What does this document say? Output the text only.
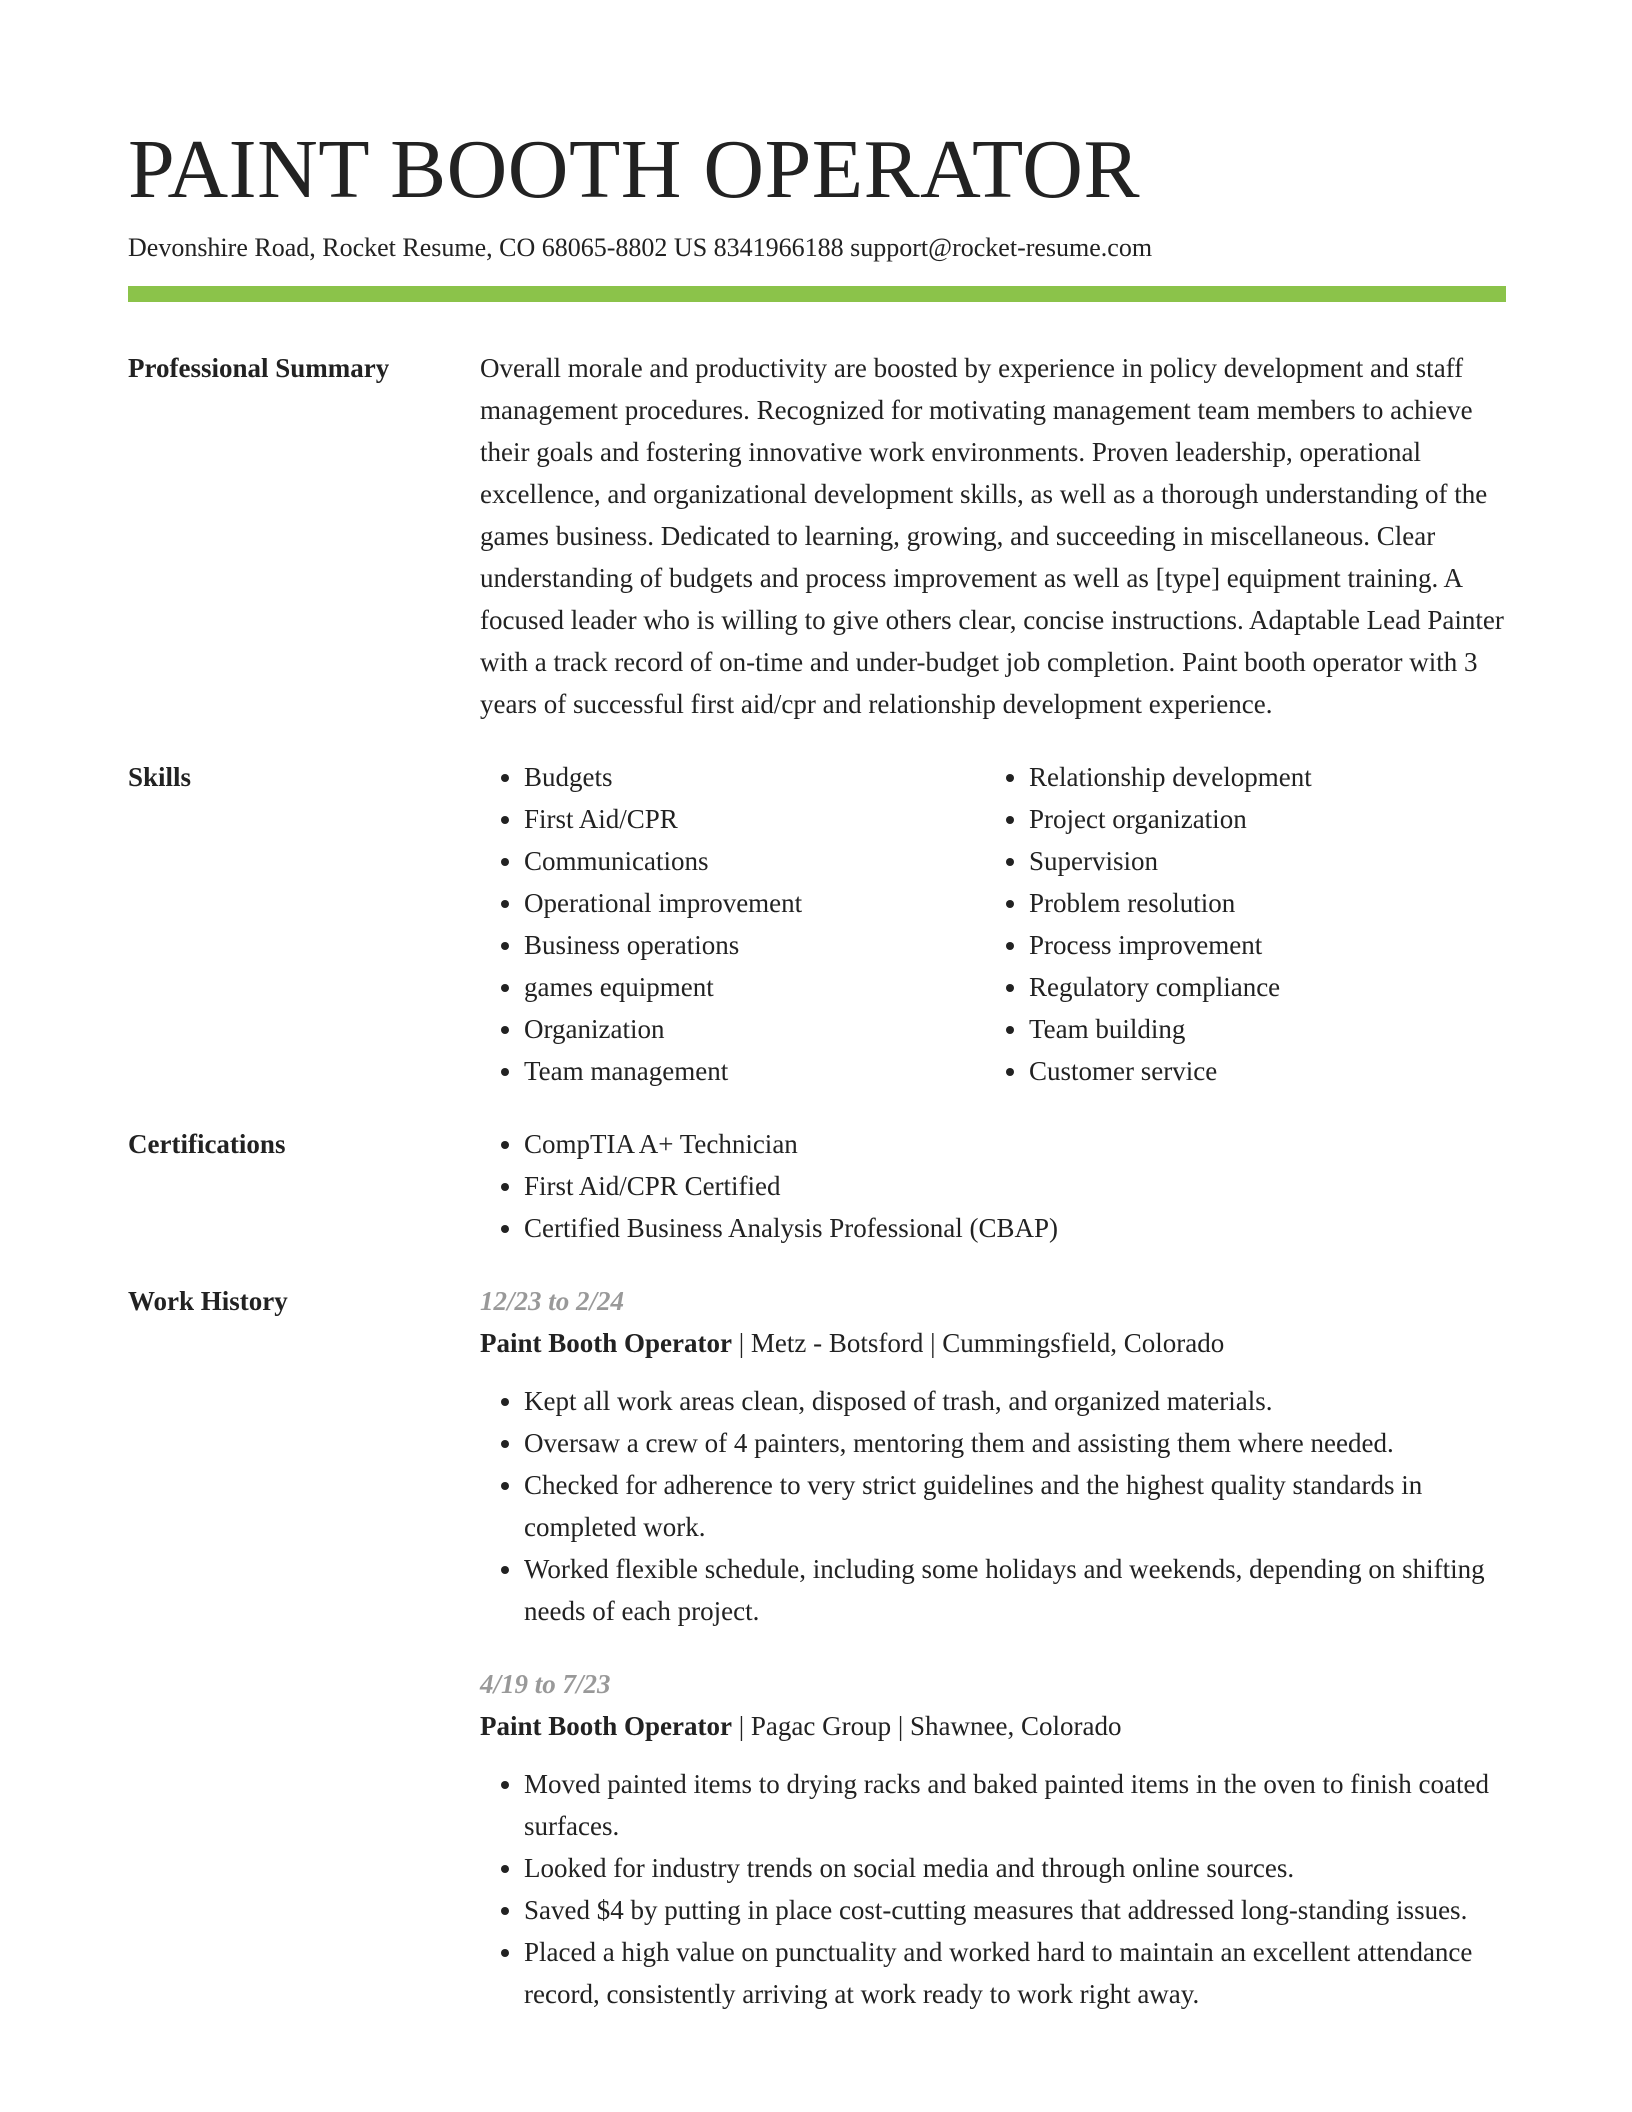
PAINT BOOTH OPERATOR
Devonshire Road, Rocket Resume, CO 68065-8802 US 8341966188 support@rocket-resume.com
Professional Summary	Overall morale and productivity are boosted by experience in policy development and staff management procedures. Recognized for motivating management team members to achieve their goals and fostering innovative work environments. Proven leadership, operational excellence, and organizational development skills, as well as a thorough understanding of the games business. Dedicated to learning, growing, and succeeding in miscellaneous. Clear understanding of budgets and process improvement as well as [type] equipment training. A focused leader who is willing to give others clear, concise instructions. Adaptable Lead Painter with a track record of on-time and under-budget job completion. Paint booth operator with 3 years of successful first aid/cpr and relationship development experience.

Skills	• Budgets
• First Aid/CPR
• Communications
• Operational improvement
• Business operations
• games equipment
• Organization
• Team management
• Relationship development
• Project organization
• Supervision
• Problem resolution
• Process improvement
• Regulatory compliance
• Team building
• Customer service
Certifications	• CompTIA A+ Technician
• First Aid/CPR Certified
• Certified Business Analysis Professional (CBAP)
Work History	12/23 to 2/24
Paint Booth Operator | Metz - Botsford | Cummingsfield, Colorado
• Kept all work areas clean, disposed of trash, and organized materials.
• Oversaw a crew of 4 painters, mentoring them and assisting them where needed.
• Checked for adherence to very strict guidelines and the highest quality standards in completed work.
• Worked flexible schedule, including some holidays and weekends, depending on shifting needs of each project.
4/19 to 7/23
Paint Booth Operator | Pagac Group | Shawnee, Colorado
• Moved painted items to drying racks and baked painted items in the oven to finish coated surfaces.
• Looked for industry trends on social media and through online sources.
• Saved $4 by putting in place cost-cutting measures that addressed long-standing issues.
• Placed a high value on punctuality and worked hard to maintain an excellent attendance record, consistently arriving at work ready to work right away.
